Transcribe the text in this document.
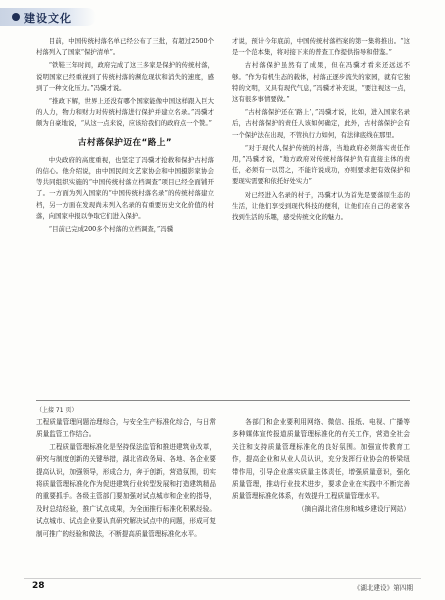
建设文化

目前，中国传统村落名单已经公布了三批，有超过2500个村落列入了国家“保护清单”。

“铁鞋三年时间，政府完成了这三多家是保护的传统村落，说明国家已经重视到了传统村落的濒危现状和消失的速度，感到了一种文化压力。”冯骥才说。

“推政下解，世界上还没有哪个国家能像中国这样跟入巨大的人力，物力和财力对传统村落进行保护并建立名录。”冯骥才颇为自豪地说，“从这一点来说，应该给我们的政府点一个赞。”

古村落保护迈在“路上”

中央政府的高度重视，也坚定了冯骥才抢救和保护古村落的信心。他介绍说，由中国民间文艺家协会和中国摄影家协会等共同组织实施的“中国传统村落立档调查”项目已经全面铺开了。一方面为列入国家的“中国传统村落名录”的传统村落建立档，另一方面在发现尚未列入名录的有重要历史文化价值的村落，向国家申报以争取它们进入保护。

“目前已完成200多个村落的立档调查，”冯骥

才说，预计今年底前，中国传统村落档案的第一集将推出。“这是一个范本集，将对接下来的普查工作提供指导和借鉴。”

古村落保护虽然有了成果，但在冯骥才看来还远远不够。“作为有机生态的载体，村落正逐步流失的家园，就有它独特的文明，又具有现代气息，”冯骥才补充说，“要注视这一点，这有很多事情要做。”

“古村落保护还在‘路上’，”冯骥才说，比如，进入国家名录后，古村落保护的责任人该如何确定，此外，古村落保护会有一个保护法在出现，不管执行力如何，有法律底线在那里。

“对于现代人保护传统的村落，当地政府必须落实责任作用，”冯骥才说，“地方政府对传统村落保护负有直接主体的责任，必须有一以贯之，不能许说成功，亦则要求把有效保护和要现实需要和依托好处实力”

对已经进入名录的村子，冯骥才认为首先是要落原生态的生活，让他们享受到现代科技的便利，让他们在自己的老家各找到生活的乐趣，感受传统文化的魅力。

（上接 71 页）

工程质量管理问题治理综合，与安全生产标准化综合，与日常质量监管工作结合。

工程质量管理标准化是坚持保法监管和推进建筑业改革，研究与制度创新的关键举措，湖北省政务局、各地、各企业要提高认识，加强领导，形成合力，奔于创新，营造氛围，切实将质量管理标准化作为促进建筑行业转型发展和打造建筑精品的重要抓手。各级主管部门要加强对试点城市和企业的指导，及时总结经验，推广试点成果，为全面推行标准化积累经验。试点城市、试点企业要认真研究解决试点中的问题，形成可复制可推广的经验和做法，不断提高质量管理标准化水平。

各部门和企业要利用网络、微信、报纸、电视、广播等多种媒体宣传报道质量管理标准化的有关工作，营造全社会关注和支持质量管理标准化的良好氛围。加强宣传教育工作，提高企业和从业人员认识，充分发挥行业协会的桥梁纽带作用，引导企业落实质量主体责任，增强质量意识，强化质量管理，推动行业技术进步，要求企业在实践中不断完善质量管理标准化体系，有效提升工程质量管理水平。

（摘自湖北省住房和城乡建设厅网站）

28	《湖北建设》第四期
